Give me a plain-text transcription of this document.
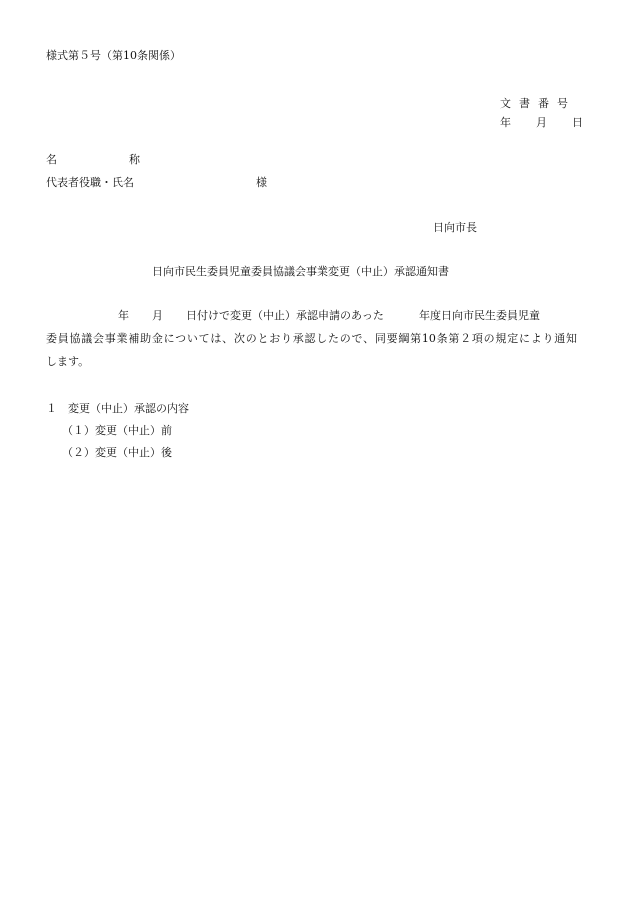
様式第５号（第10条関係）
文書番号
年 月 日
名称
代表者役職・氏名	様
日向市長
日向市民生委員児童委員協議会事業変更（中止）承認通知書
年 月 日付けで変更（中止）承認申請のあった	年度日向市民生委員児童
委員協議会事業補助金については、次のとおり承認したので、同要綱第10条第２項の規定により通知
します。
１　変更（中止）承認の内容
（１）変更（中止）前
（２）変更（中止）後
